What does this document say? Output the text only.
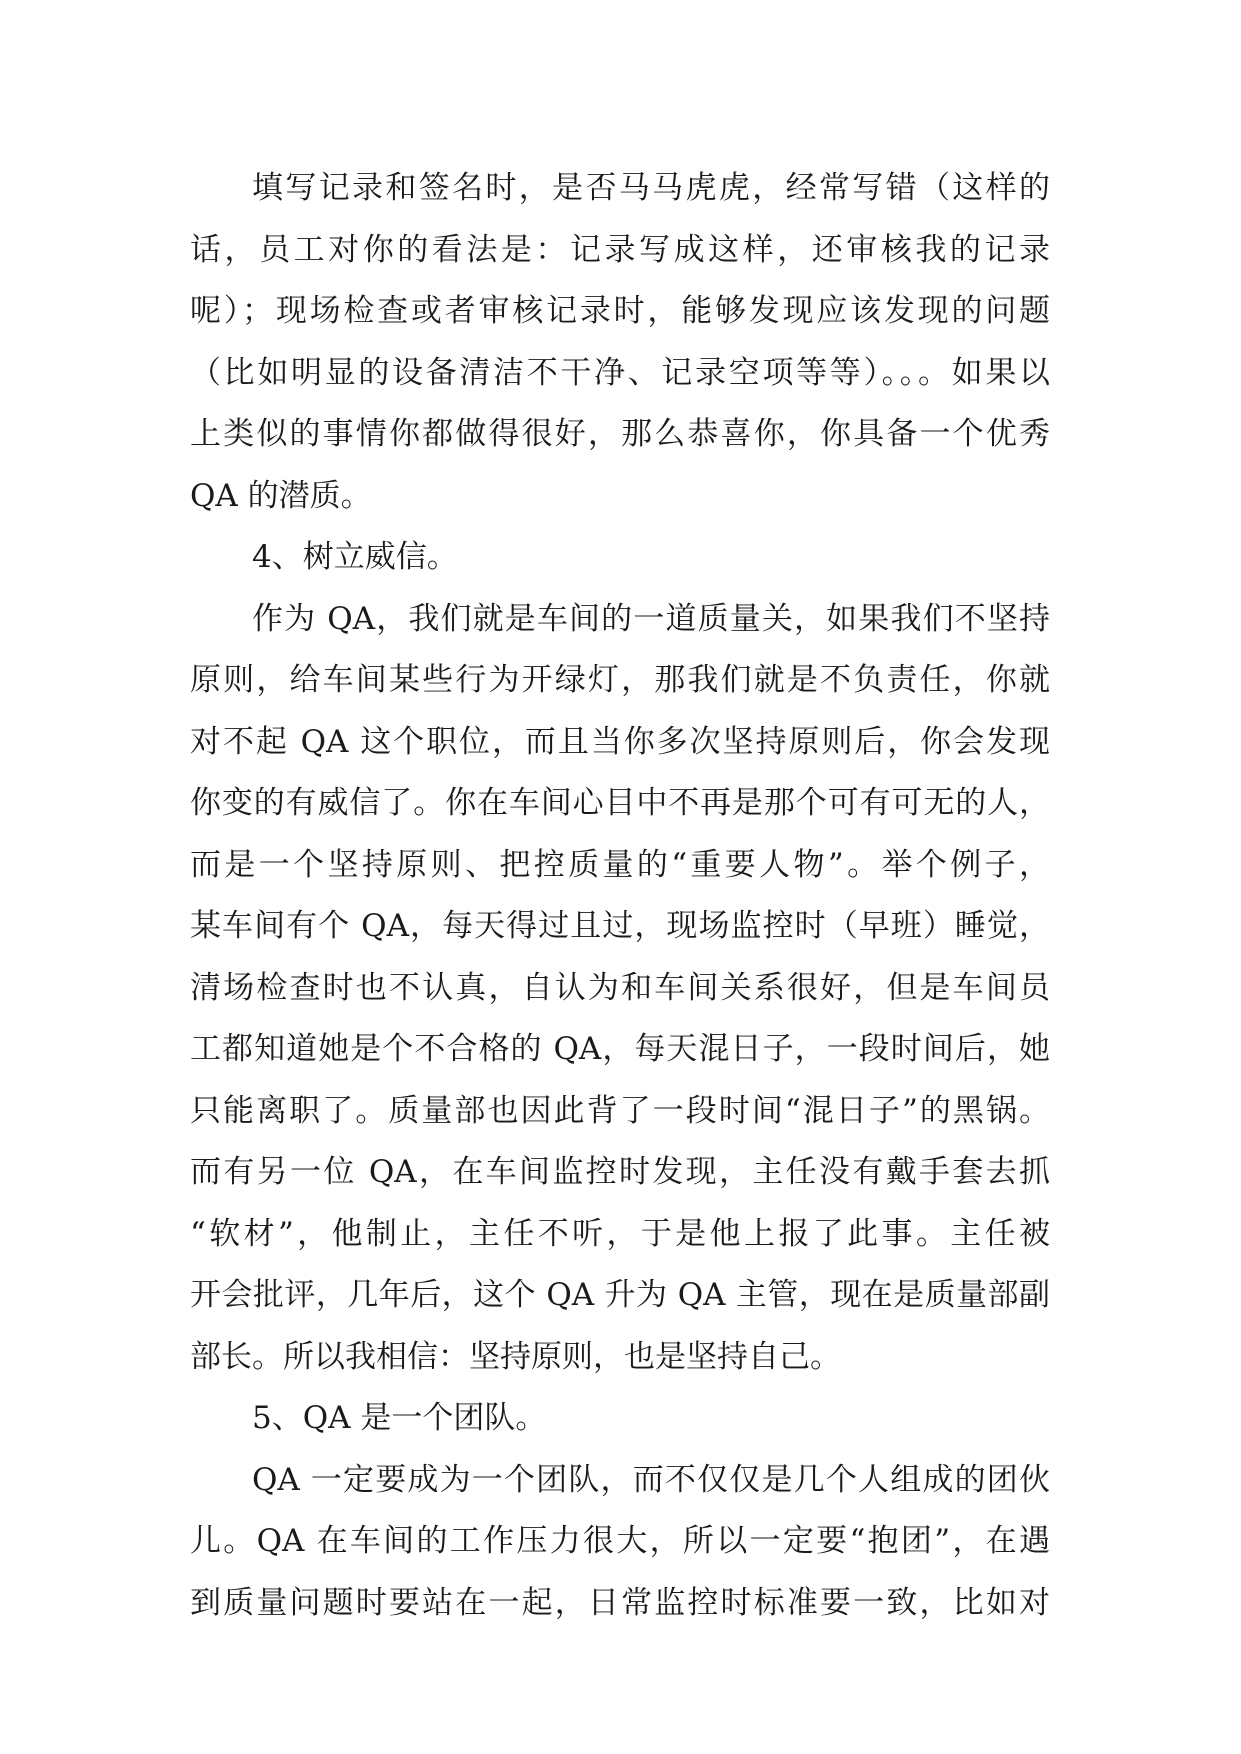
填写记录和签名时，是否马马虎虎，经常写错（这样的
话，员工对你的看法是：记录写成这样，还审核我的记录
呢）；现场检查或者审核记录时，能够发现应该发现的问题
（比如明显的设备清洁不干净、记录空项等等）。。。如果以
上类似的事情你都做得很好，那么恭喜你，你具备一个优秀
QA 的潜质。
4、树立威信。
作为 QA，我们就是车间的一道质量关，如果我们不坚持
原则，给车间某些行为开绿灯，那我们就是不负责任，你就
对不起 QA 这个职位，而且当你多次坚持原则后，你会发现
你变的有威信了。你在车间心目中不再是那个可有可无的人，
而是一个坚持原则、把控质量的“重要人物”。举个例子，
某车间有个 QA，每天得过且过，现场监控时（早班）睡觉，
清场检查时也不认真，自认为和车间关系很好，但是车间员
工都知道她是个不合格的 QA，每天混日子，一段时间后，她
只能离职了。质量部也因此背了一段时间“混日子”的黑锅。
而有另一位 QA，在车间监控时发现，主任没有戴手套去抓
“软材”，他制止，主任不听，于是他上报了此事。主任被
开会批评，几年后，这个 QA 升为 QA 主管，现在是质量部副
部长。所以我相信：坚持原则，也是坚持自己。
5、QA 是一个团队。
QA 一定要成为一个团队，而不仅仅是几个人组成的团伙
儿。QA 在车间的工作压力很大，所以一定要“抱团”，在遇
到质量问题时要站在一起，日常监控时标准要一致，比如对
